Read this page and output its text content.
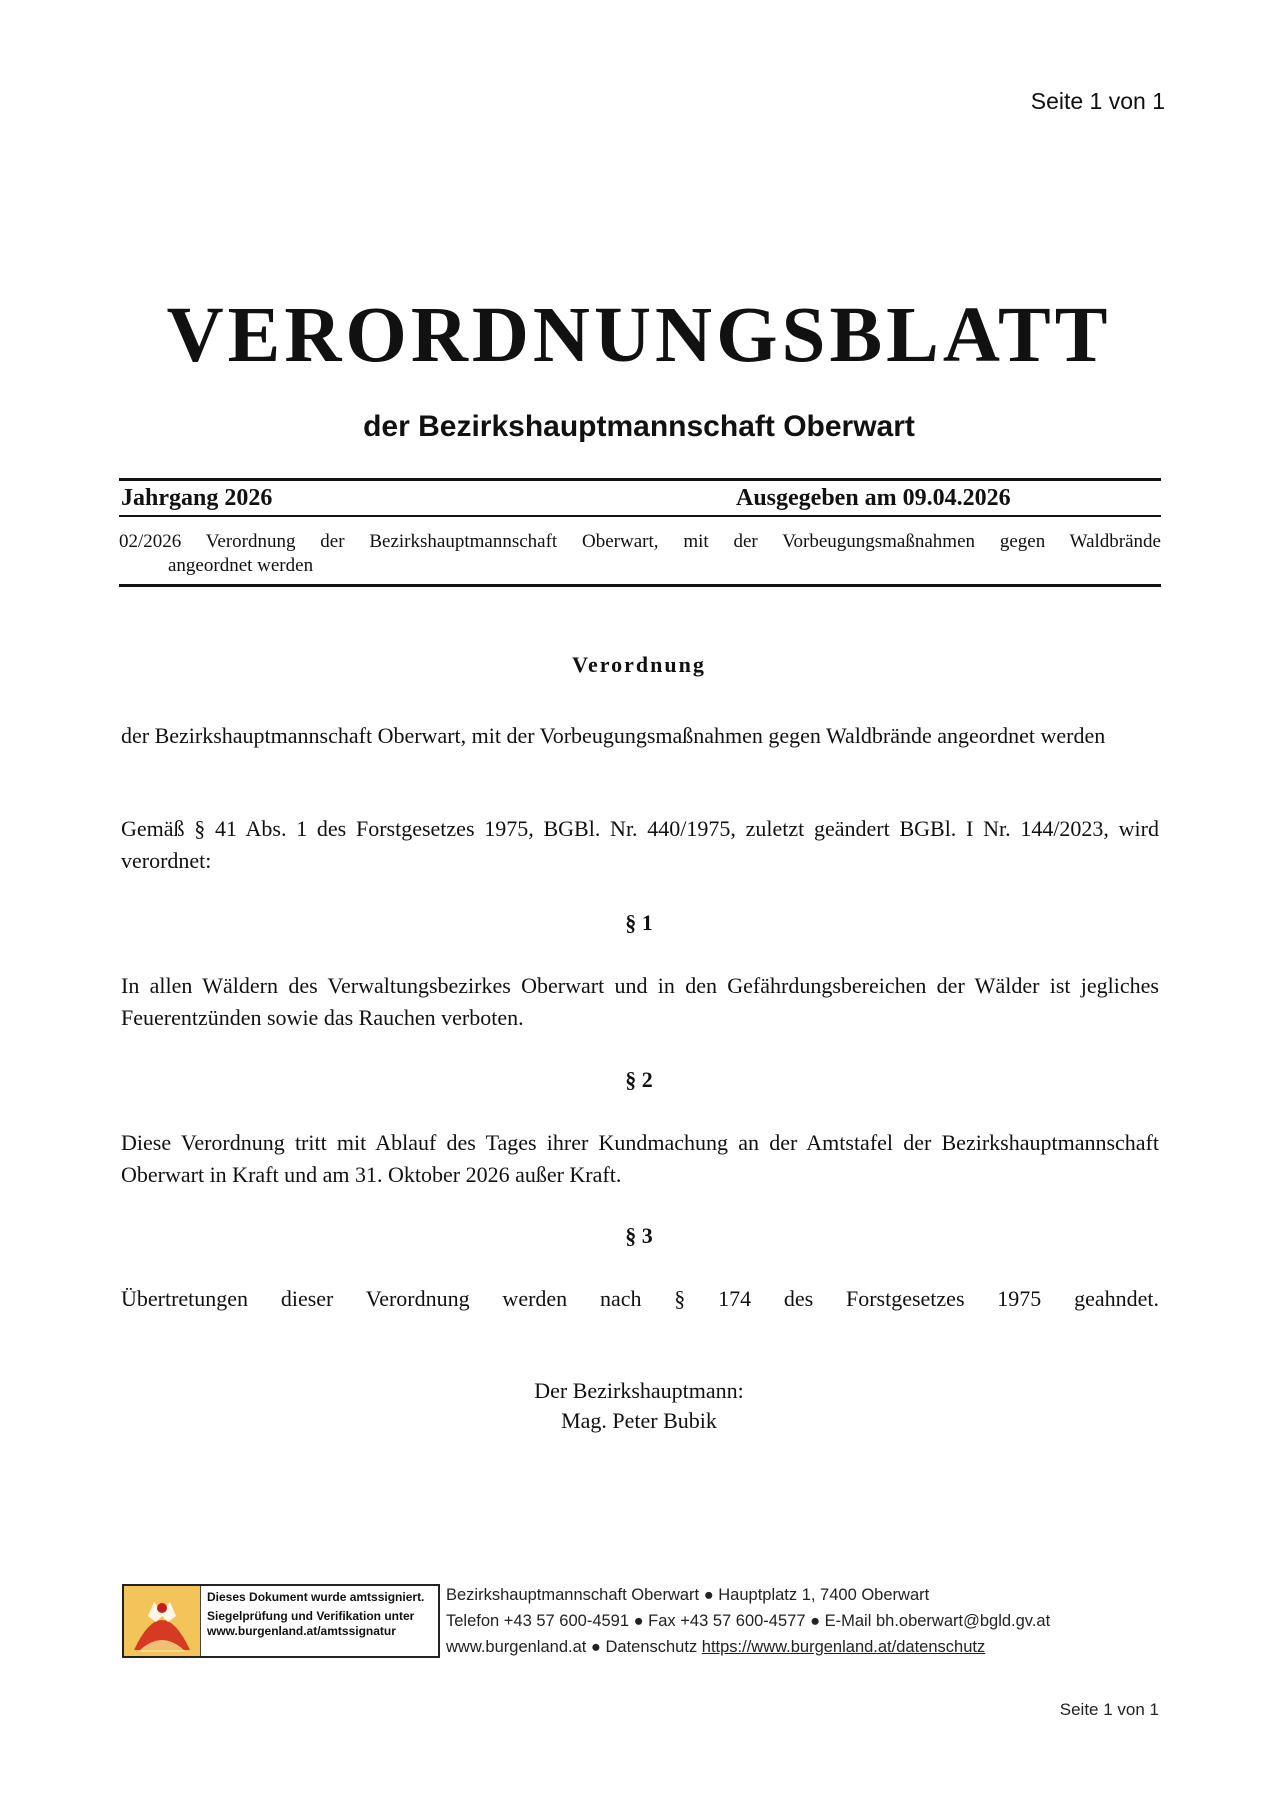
Seite 1 von 1
VERORDNUNGSBLATT
der Bezirkshauptmannschaft Oberwart
Jahrgang 2026	Ausgegeben am 09.04.2026
02/2026 Verordnung der Bezirkshauptmannschaft Oberwart, mit der Vorbeugungsmaßnahmen gegen Waldbrände
angeordnet werden
Verordnung
der Bezirkshauptmannschaft Oberwart, mit der Vorbeugungsmaßnahmen gegen Waldbrände angeordnet werden
Gemäß § 41 Abs. 1 des Forstgesetzes 1975, BGBl. Nr. 440/1975, zuletzt geändert BGBl. I Nr. 144/2023, wird verordnet:
§ 1
In allen Wäldern des Verwaltungsbezirkes Oberwart und in den Gefährdungsbereichen der Wälder ist jegliches Feuerentzünden sowie das Rauchen verboten.
§ 2
Diese Verordnung tritt mit Ablauf des Tages ihrer Kundmachung an der Amtstafel der Bezirkshauptmannschaft Oberwart in Kraft und am 31. Oktober 2026 außer Kraft.
§ 3
Übertretungen dieser Verordnung werden nach § 174 des Forstgesetzes 1975 geahndet.
Der Bezirkshauptmann:
Mag. Peter Bubik
Dieses Dokument wurde amtssigniert.
Siegelprüfung und Verifikation unter
www.burgenland.at/amtssignatur
Bezirkshauptmannschaft Oberwart ● Hauptplatz 1, 7400 Oberwart
Telefon +43 57 600-4591 ● Fax +43 57 600-4577 ● E-Mail bh.oberwart@bgld.gv.at
www.burgenland.at ● Datenschutz https://www.burgenland.at/datenschutz
Seite 1 von 1
